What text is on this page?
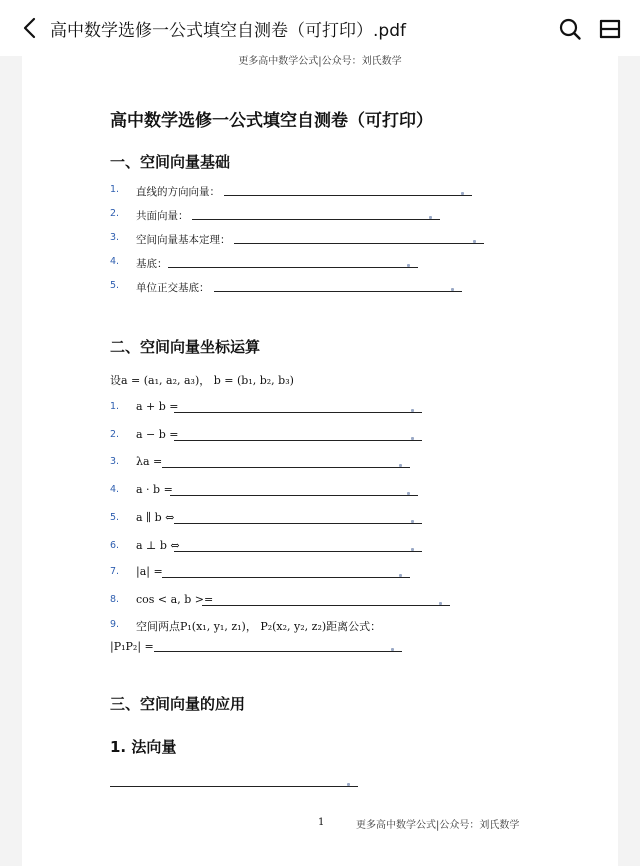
高中数学选修一公式填空自测卷（可打印）.pdf
更多高中数学公式|公众号：刘氏数学
高中数学选修一公式填空自测卷（可打印）
一、空间向量基础
1. 直线的方向向量：
2. 共面向量：
3. 空间向量基本定理：
4. 基底：
5. 单位正交基底：
二、空间向量坐标运算
设a = (a₁, a₂, a₃)， b = (b₁, b₂, b₃)
1. a + b =
2. a − b =
3. λa =
4. a · b =
5. a ∥ b ⇔
6. a ⊥ b ⇔
7. |a| =
8. cos < a, b >=
9. 空间两点P₁(x₁, y₁, z₁)， P₂(x₂, y₂, z₂)距离公式：
|P₁P₂| =
三、空间向量的应用
1. 法向量
1	更多高中数学公式|公众号：刘氏数学
